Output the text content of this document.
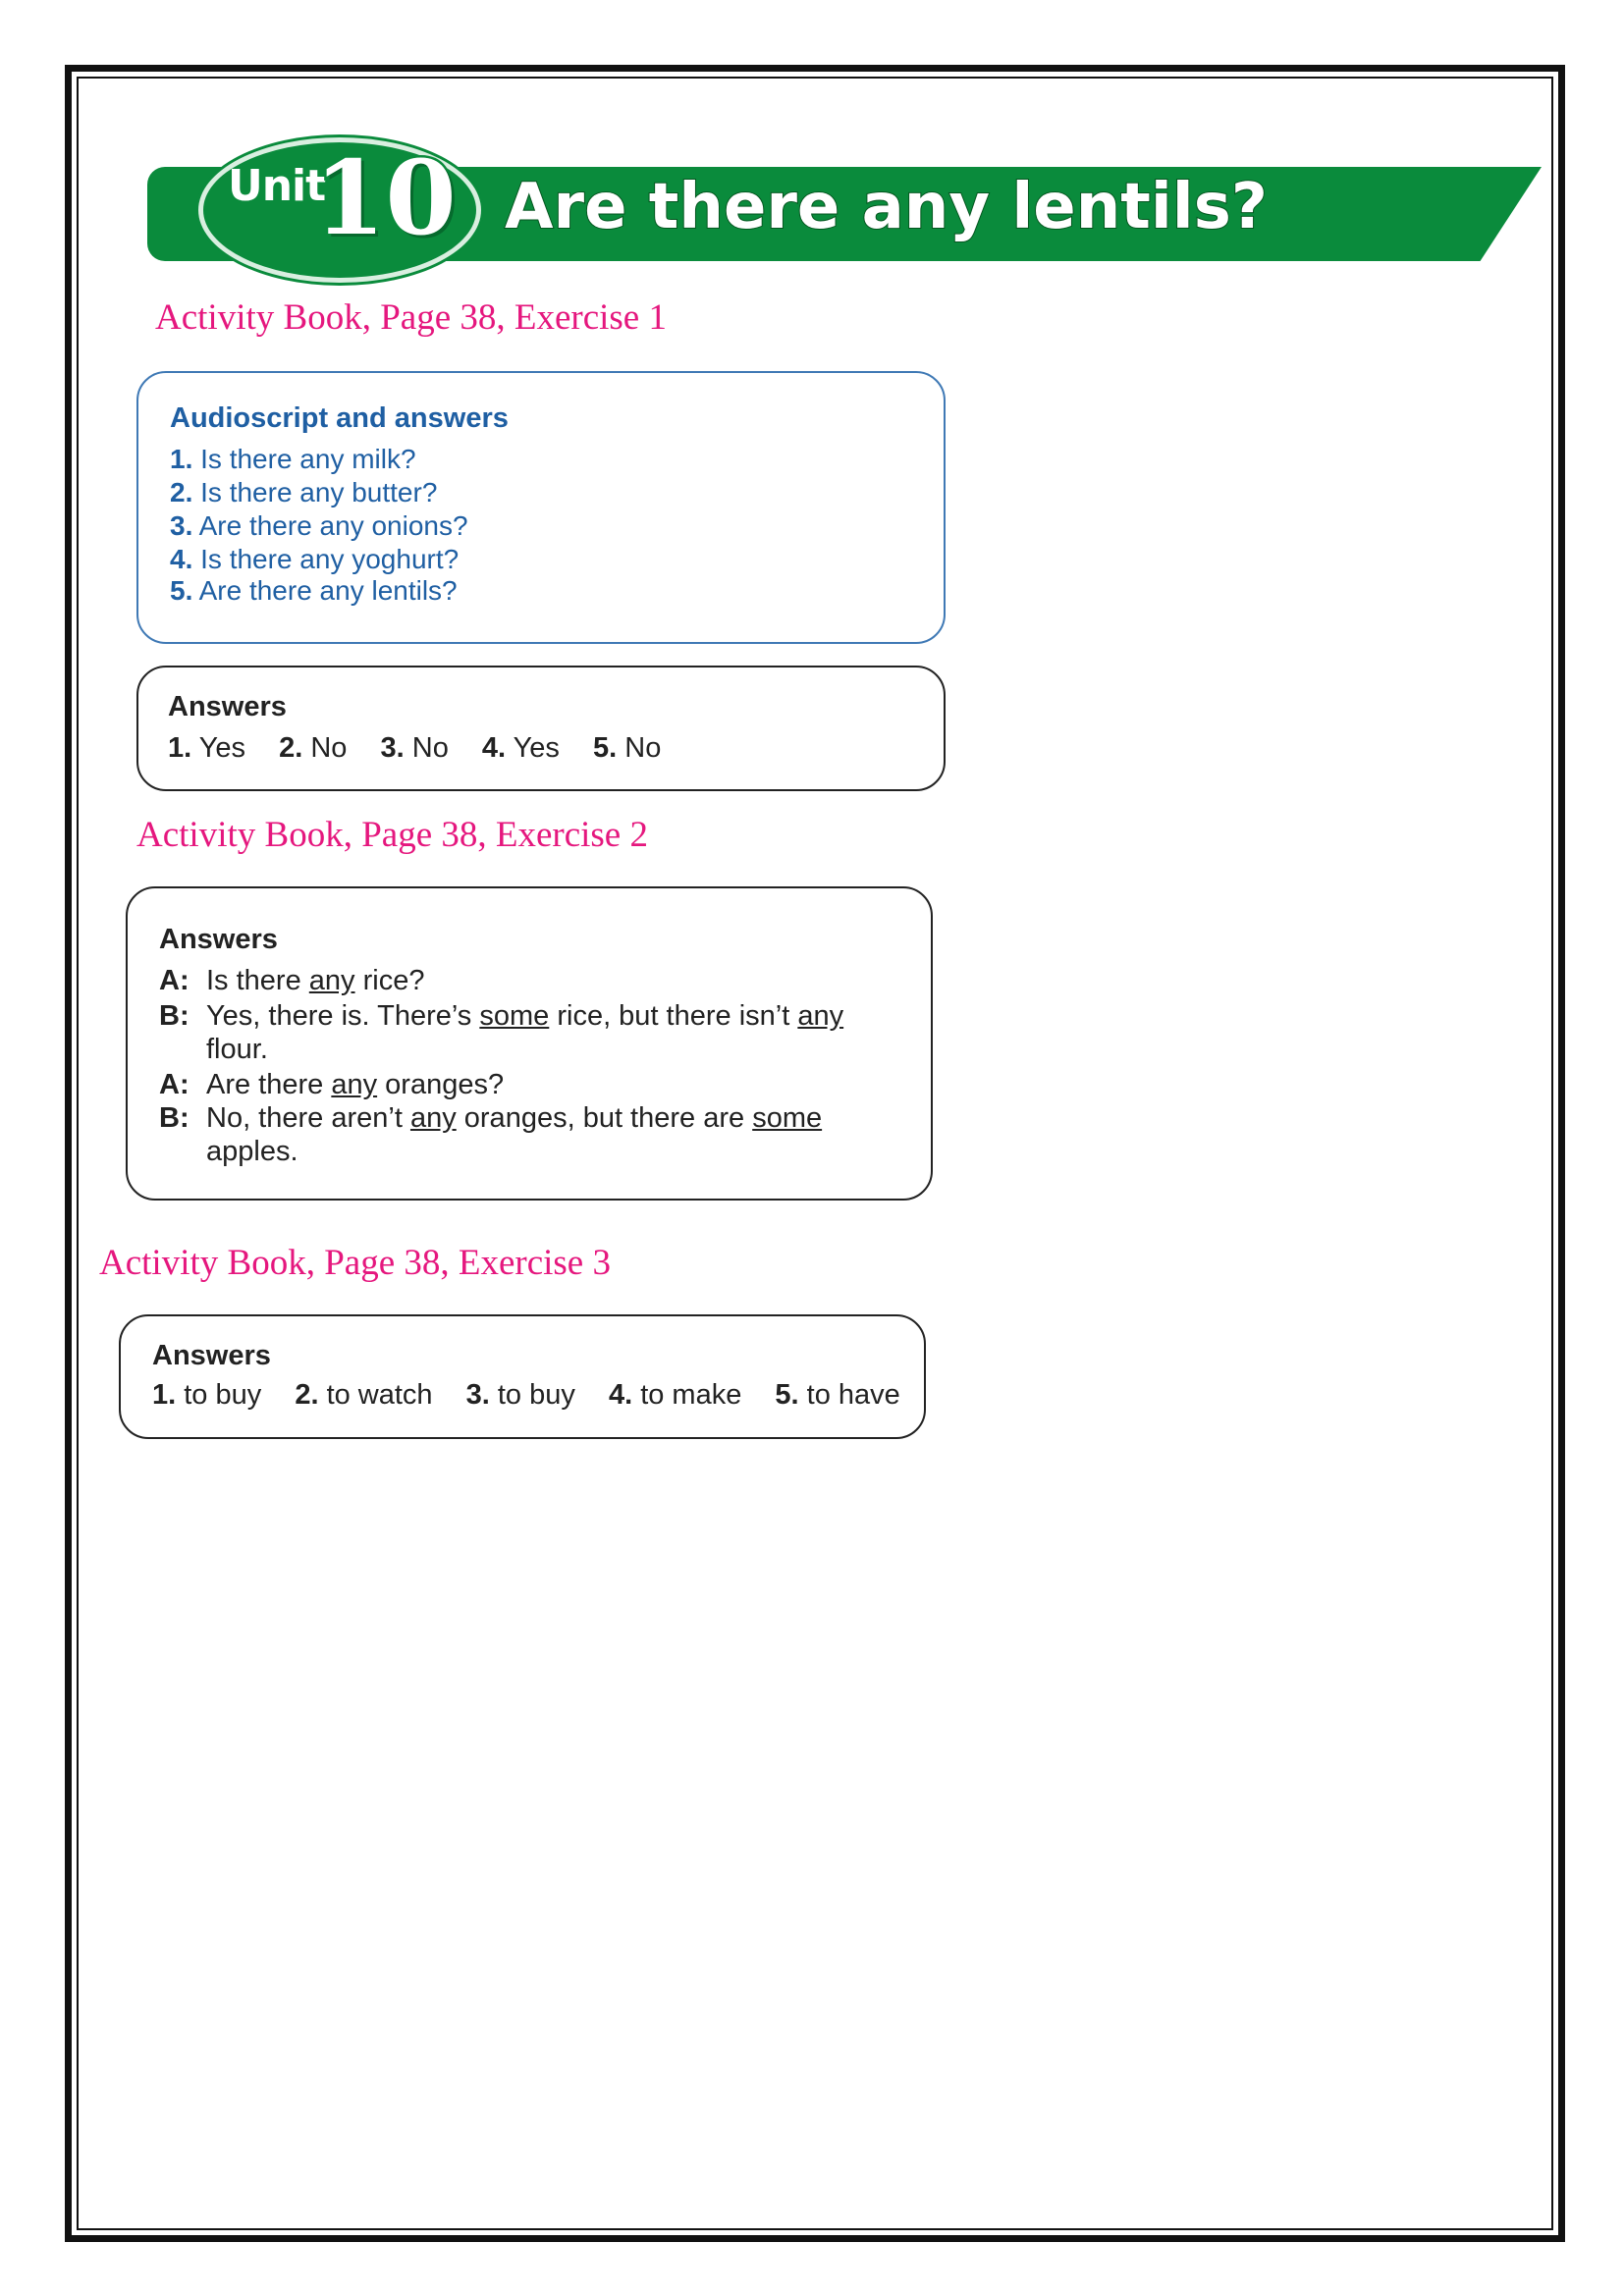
Unit
10 Are there any lentils?
Activity Book, Page 38, Exercise 1
Audioscript and answers
1. Is there any milk?
2. Is there any butter?
3. Are there any onions?
4. Is there any yoghurt?
5. Are there any lentils?
Answers
1. Yes 2. No 3. No 4. Yes 5. No
Activity Book, Page 38, Exercise 2
Answers
A: Is there any rice?
B: Yes, there is. There’s some rice, but there isn’t any
flour.
A: Are there any oranges?
B: No, there aren’t any oranges, but there are some
apples.
Activity Book, Page 38, Exercise 3
Answers
1. to buy 2. to watch 3. to buy 4. to make 5. to have
